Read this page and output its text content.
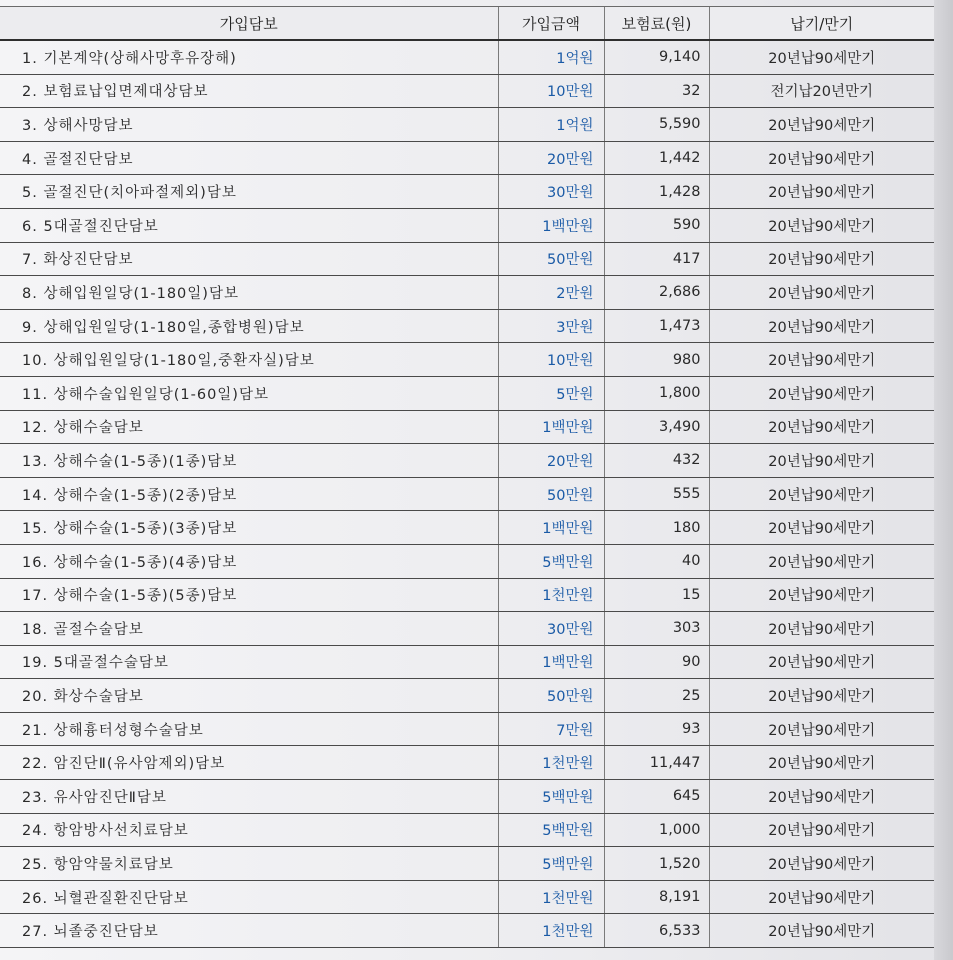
가입담보	가입금액	보험료(원)	납기/만기
1. 기본계약(상해사망후유장해)	1억원	9,140	20년납90세만기
2. 보험료납입면제대상담보	10만원	32	전기납20년만기
3. 상해사망담보	1억원	5,590	20년납90세만기
4. 골절진단담보	20만원	1,442	20년납90세만기
5. 골절진단(치아파절제외)담보	30만원	1,428	20년납90세만기
6. 5대골절진단담보	1백만원	590	20년납90세만기
7. 화상진단담보	50만원	417	20년납90세만기
8. 상해입원일당(1-180일)담보	2만원	2,686	20년납90세만기
9. 상해입원일당(1-180일,종합병원)담보	3만원	1,473	20년납90세만기
10. 상해입원일당(1-180일,중환자실)담보	10만원	980	20년납90세만기
11. 상해수술입원일당(1-60일)담보	5만원	1,800	20년납90세만기
12. 상해수술담보	1백만원	3,490	20년납90세만기
13. 상해수술(1-5종)(1종)담보	20만원	432	20년납90세만기
14. 상해수술(1-5종)(2종)담보	50만원	555	20년납90세만기
15. 상해수술(1-5종)(3종)담보	1백만원	180	20년납90세만기
16. 상해수술(1-5종)(4종)담보	5백만원	40	20년납90세만기
17. 상해수술(1-5종)(5종)담보	1천만원	15	20년납90세만기
18. 골절수술담보	30만원	303	20년납90세만기
19. 5대골절수술담보	1백만원	90	20년납90세만기
20. 화상수술담보	50만원	25	20년납90세만기
21. 상해흉터성형수술담보	7만원	93	20년납90세만기
22. 암진단Ⅱ(유사암제외)담보	1천만원	11,447	20년납90세만기
23. 유사암진단Ⅱ담보	5백만원	645	20년납90세만기
24. 항암방사선치료담보	5백만원	1,000	20년납90세만기
25. 항암약물치료담보	5백만원	1,520	20년납90세만기
26. 뇌혈관질환진단담보	1천만원	8,191	20년납90세만기
27. 뇌졸중진단담보	1천만원	6,533	20년납90세만기
